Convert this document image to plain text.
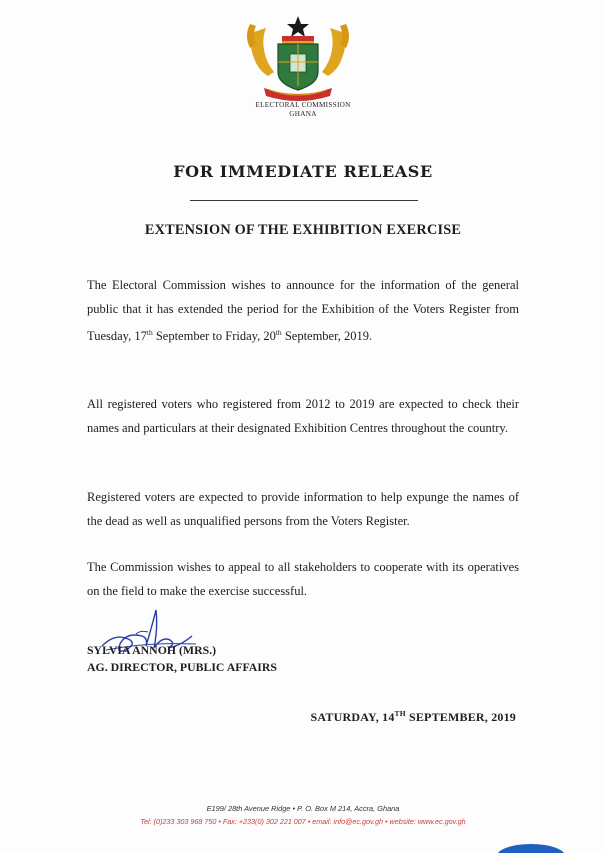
ELECTORAL COMMISSION
GHANA
FOR IMMEDIATE RELEASE
EXTENSION OF THE EXHIBITION EXERCISE
The Electoral Commission wishes to announce for the information of the general public that it has extended the period for the Exhibition of the Voters Register from Tuesday, 17th September to Friday, 20th September, 2019.
All registered voters who registered from 2012 to 2019 are expected to check their names and particulars at their designated Exhibition Centres throughout the country.
Registered voters are expected to provide information to help expunge the names of the dead as well as unqualified persons from the Voters Register.
The Commission wishes to appeal to all stakeholders to cooperate with its operatives on the field to make the exercise successful.
SYLVIA ANNOH (MRS.)
AG. DIRECTOR, PUBLIC AFFAIRS
SATURDAY, 14TH SEPTEMBER, 2019
E199/ 28th Avenue Ridge • P. O. Box M 214, Accra, Ghana
Tel: (0)233 303 968 750 • Fax: +233(0) 302 221 007 • email: info@ec.gov.gh • website: www.ec.gov.gh
